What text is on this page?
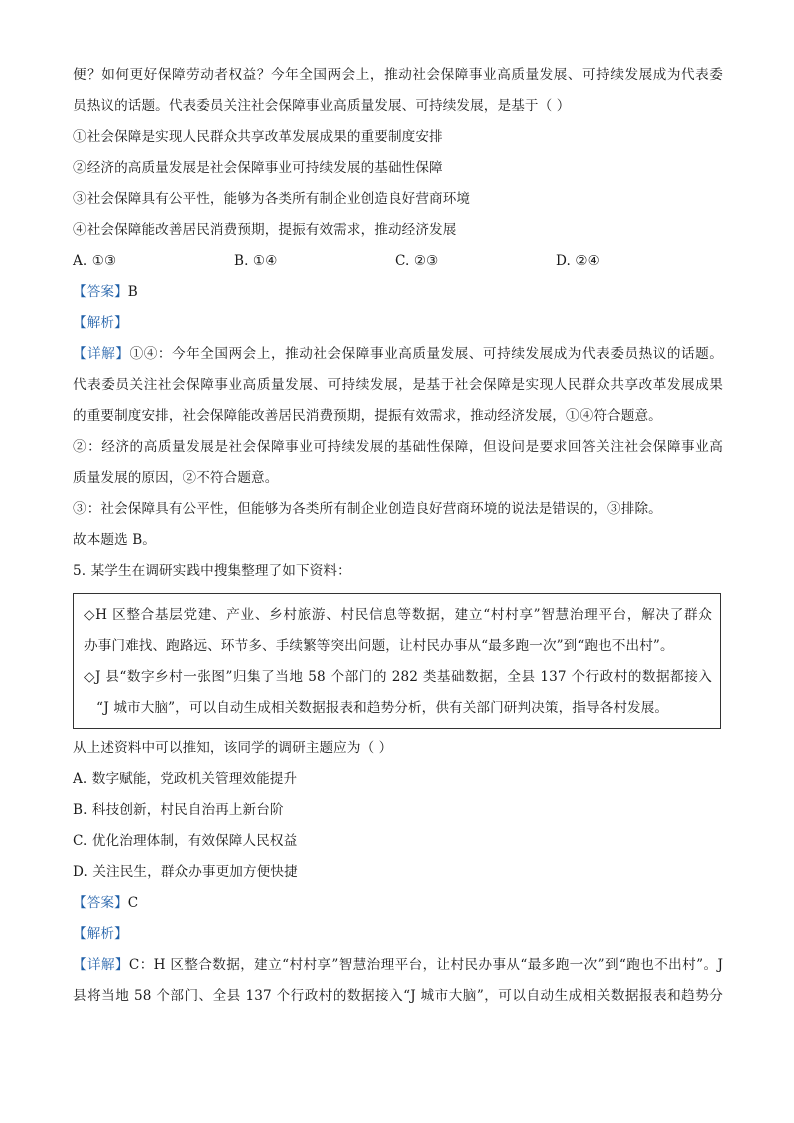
便？如何更好保障劳动者权益？今年全国两会上，推动社会保障事业高质量发展、可持续发展成为代表委
员热议的话题。代表委员关注社会保障事业高质量发展、可持续发展，是基于（ ）
①社会保障是实现人民群众共享改革发展成果的重要制度安排
②经济的高质量发展是社会保障事业可持续发展的基础性保障
③社会保障具有公平性，能够为各类所有制企业创造良好营商环境
④社会保障能改善居民消费预期，提振有效需求，推动经济发展
A. ①③	B. ①④	C. ②③	D. ②④
【答案】B
【解析】
【详解】①④：今年全国两会上，推动社会保障事业高质量发展、可持续发展成为代表委员热议的话题。
代表委员关注社会保障事业高质量发展、可持续发展，是基于社会保障是实现人民群众共享改革发展成果
的重要制度安排，社会保障能改善居民消费预期，提振有效需求，推动经济发展，①④符合题意。
②：经济的高质量发展是社会保障事业可持续发展的基础性保障，但设问是要求回答关注社会保障事业高
质量发展的原因，②不符合题意。
③：社会保障具有公平性，但能够为各类所有制企业创造良好营商环境的说法是错误的，③排除。
故本题选 B。
5. 某学生在调研实践中搜集整理了如下资料：
◇H 区整合基层党建、产业、乡村旅游、村民信息等数据，建立“村村享”智慧治理平台，解决了群众
办事门难找、跑路远、环节多、手续繁等突出问题，让村民办事从“最多跑一次”到“跑也不出村”。
◇J 县“数字乡村一张图”归集了当地 58 个部门的 282 类基础数据，全县 137 个行政村的数据都接入
“J 城市大脑”，可以自动生成相关数据报表和趋势分析，供有关部门研判决策，指导各村发展。
从上述资料中可以推知，该同学的调研主题应为（ ）
A. 数字赋能，党政机关管理效能提升
B. 科技创新，村民自治再上新台阶
C. 优化治理体制，有效保障人民权益
D. 关注民生，群众办事更加方便快捷
【答案】C
【解析】
【详解】C：H 区整合数据，建立“村村享”智慧治理平台，让村民办事从“最多跑一次”到“跑也不出村”。J
县将当地 58 个部门、全县 137 个行政村的数据接入“J 城市大脑”，可以自动生成相关数据报表和趋势分
